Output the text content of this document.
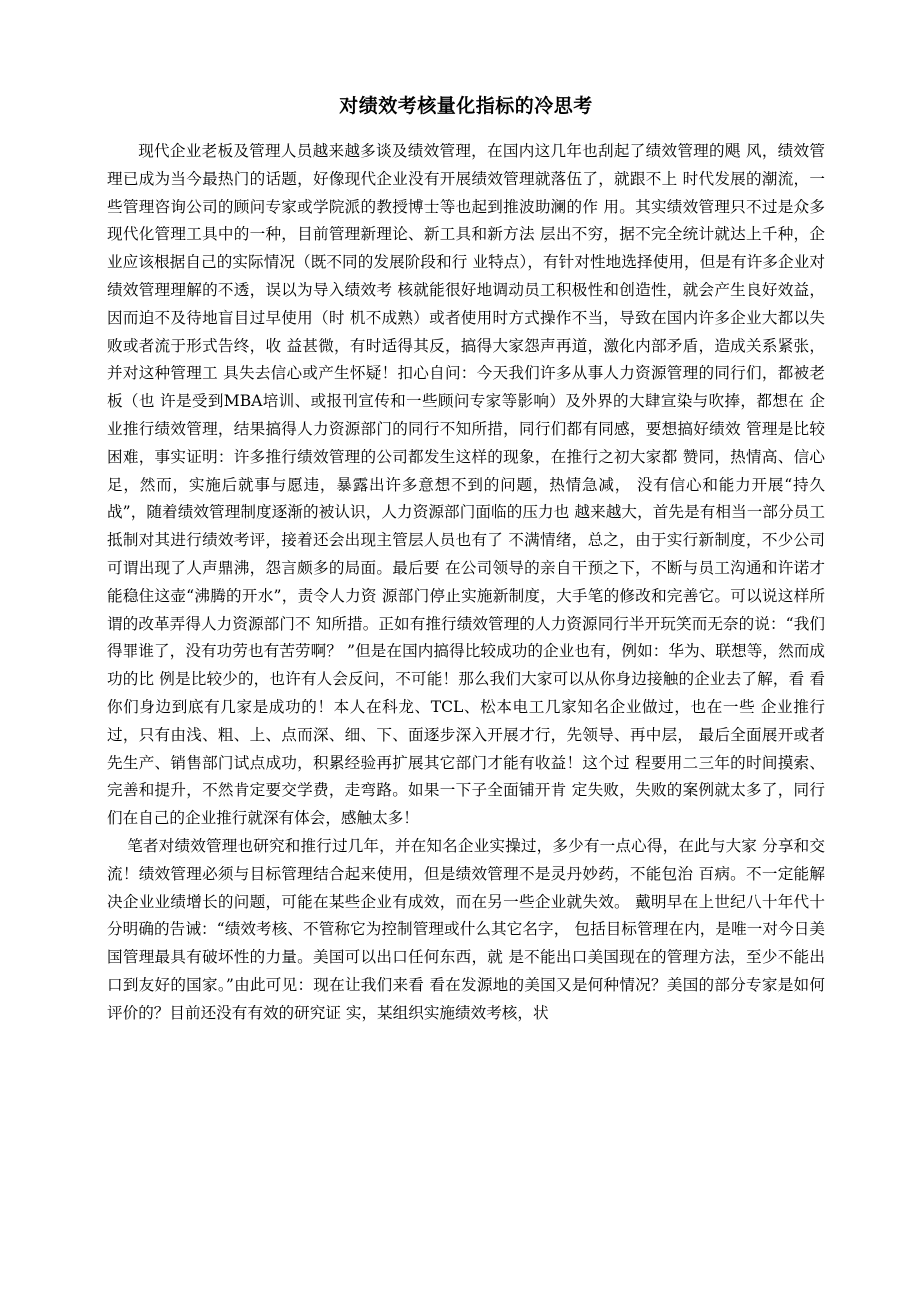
对绩效考核量化指标的冷思考

现代企业老板及管理人员越来越多谈及绩效管理，在国内这几年也刮起了绩效管理的飓 风，绩效管理已成为当今最热门的话题，好像现代企业没有开展绩效管理就落伍了，就跟不上 时代发展的潮流，一些管理咨询公司的顾问专家或学院派的教授博士等也起到推波助澜的作 用。其实绩效管理只不过是众多现代化管理工具中的一种，目前管理新理论、新工具和新方法 层出不穷，据不完全统计就达上千种，企业应该根据自己的实际情况（既不同的发展阶段和行 业特点），有针对性地选择使用，但是有许多企业对绩效管理理解的不透，误以为导入绩效考 核就能很好地调动员工积极性和创造性，就会产生良好效益，因而迫不及待地盲目过早使用（时 机不成熟）或者使用时方式操作不当，导致在国内许多企业大都以失败或者流于形式告终，收 益甚微，有时适得其反，搞得大家怨声再道，激化内部矛盾，造成关系紧张，并对这种管理工 具失去信心或产生怀疑！扣心自问：今天我们许多从事人力资源管理的同行们，都被老板（也 许是受到MBA培训、或报刊宣传和一些顾问专家等影响）及外界的大肆宣染与吹捧，都想在 企业推行绩效管理，结果搞得人力资源部门的同行不知所措，同行们都有同感，要想搞好绩效 管理是比较困难，事实证明：许多推行绩效管理的公司都发生这样的现象，在推行之初大家都 赞同，热情高、信心足，然而，实施后就事与愿违，暴露出许多意想不到的问题，热情急减， 没有信心和能力开展“持久战”，随着绩效管理制度逐渐的被认识，人力资源部门面临的压力也 越来越大，首先是有相当一部分员工抵制对其进行绩效考评，接着还会出现主管层人员也有了 不满情绪，总之，由于实行新制度，不少公司可谓出现了人声鼎沸，怨言颇多的局面。最后要 在公司领导的亲自干预之下，不断与员工沟通和许诺才能稳住这壶“沸腾的开水”，责令人力资 源部门停止实施新制度，大手笔的修改和完善它。可以说这样所谓的改革弄得人力资源部门不 知所措。正如有推行绩效管理的人力资源同行半开玩笑而无奈的说：“我们得罪谁了，没有功劳也有苦劳啊？ ”但是在国内搞得比较成功的企业也有，例如：华为、联想等，然而成功的比 例是比较少的，也许有人会反问，不可能！那么我们大家可以从你身边接触的企业去了解，看 看你们身边到底有几家是成功的！本人在科龙、TCL、松本电工几家知名企业做过，也在一些 企业推行过，只有由浅、粗、上、点而深、细、下、面逐步深入开展才行，先领导、再中层， 最后全面展开或者先生产、销售部门试点成功，积累经验再扩展其它部门才能有收益！这个过 程要用二三年的时间摸索、完善和提升，不然肯定要交学费，走弯路。如果一下子全面铺开肯 定失败，失败的案例就太多了，同行们在自己的企业推行就深有体会，感触太多！

笔者对绩效管理也研究和推行过几年，并在知名企业实操过，多少有一点心得，在此与大家 分享和交流！绩效管理必须与目标管理结合起来使用，但是绩效管理不是灵丹妙药，不能包治 百病。不一定能解决企业业绩增长的问题，可能在某些企业有成效，而在另一些企业就失效。 戴明早在上世纪八十年代十分明确的告诫：“绩效考核、不管称它为控制管理或什么其它名字， 包括目标管理在内，是唯一对今日美国管理最具有破坏性的力量。美国可以出口任何东西，就 是不能出口美国现在的管理方法，至少不能出口到友好的国家。”由此可见：现在让我们来看 看在发源地的美国又是何种情况？美国的部分专家是如何评价的？目前还没有有效的研究证 实，某组织实施绩效考核，状
